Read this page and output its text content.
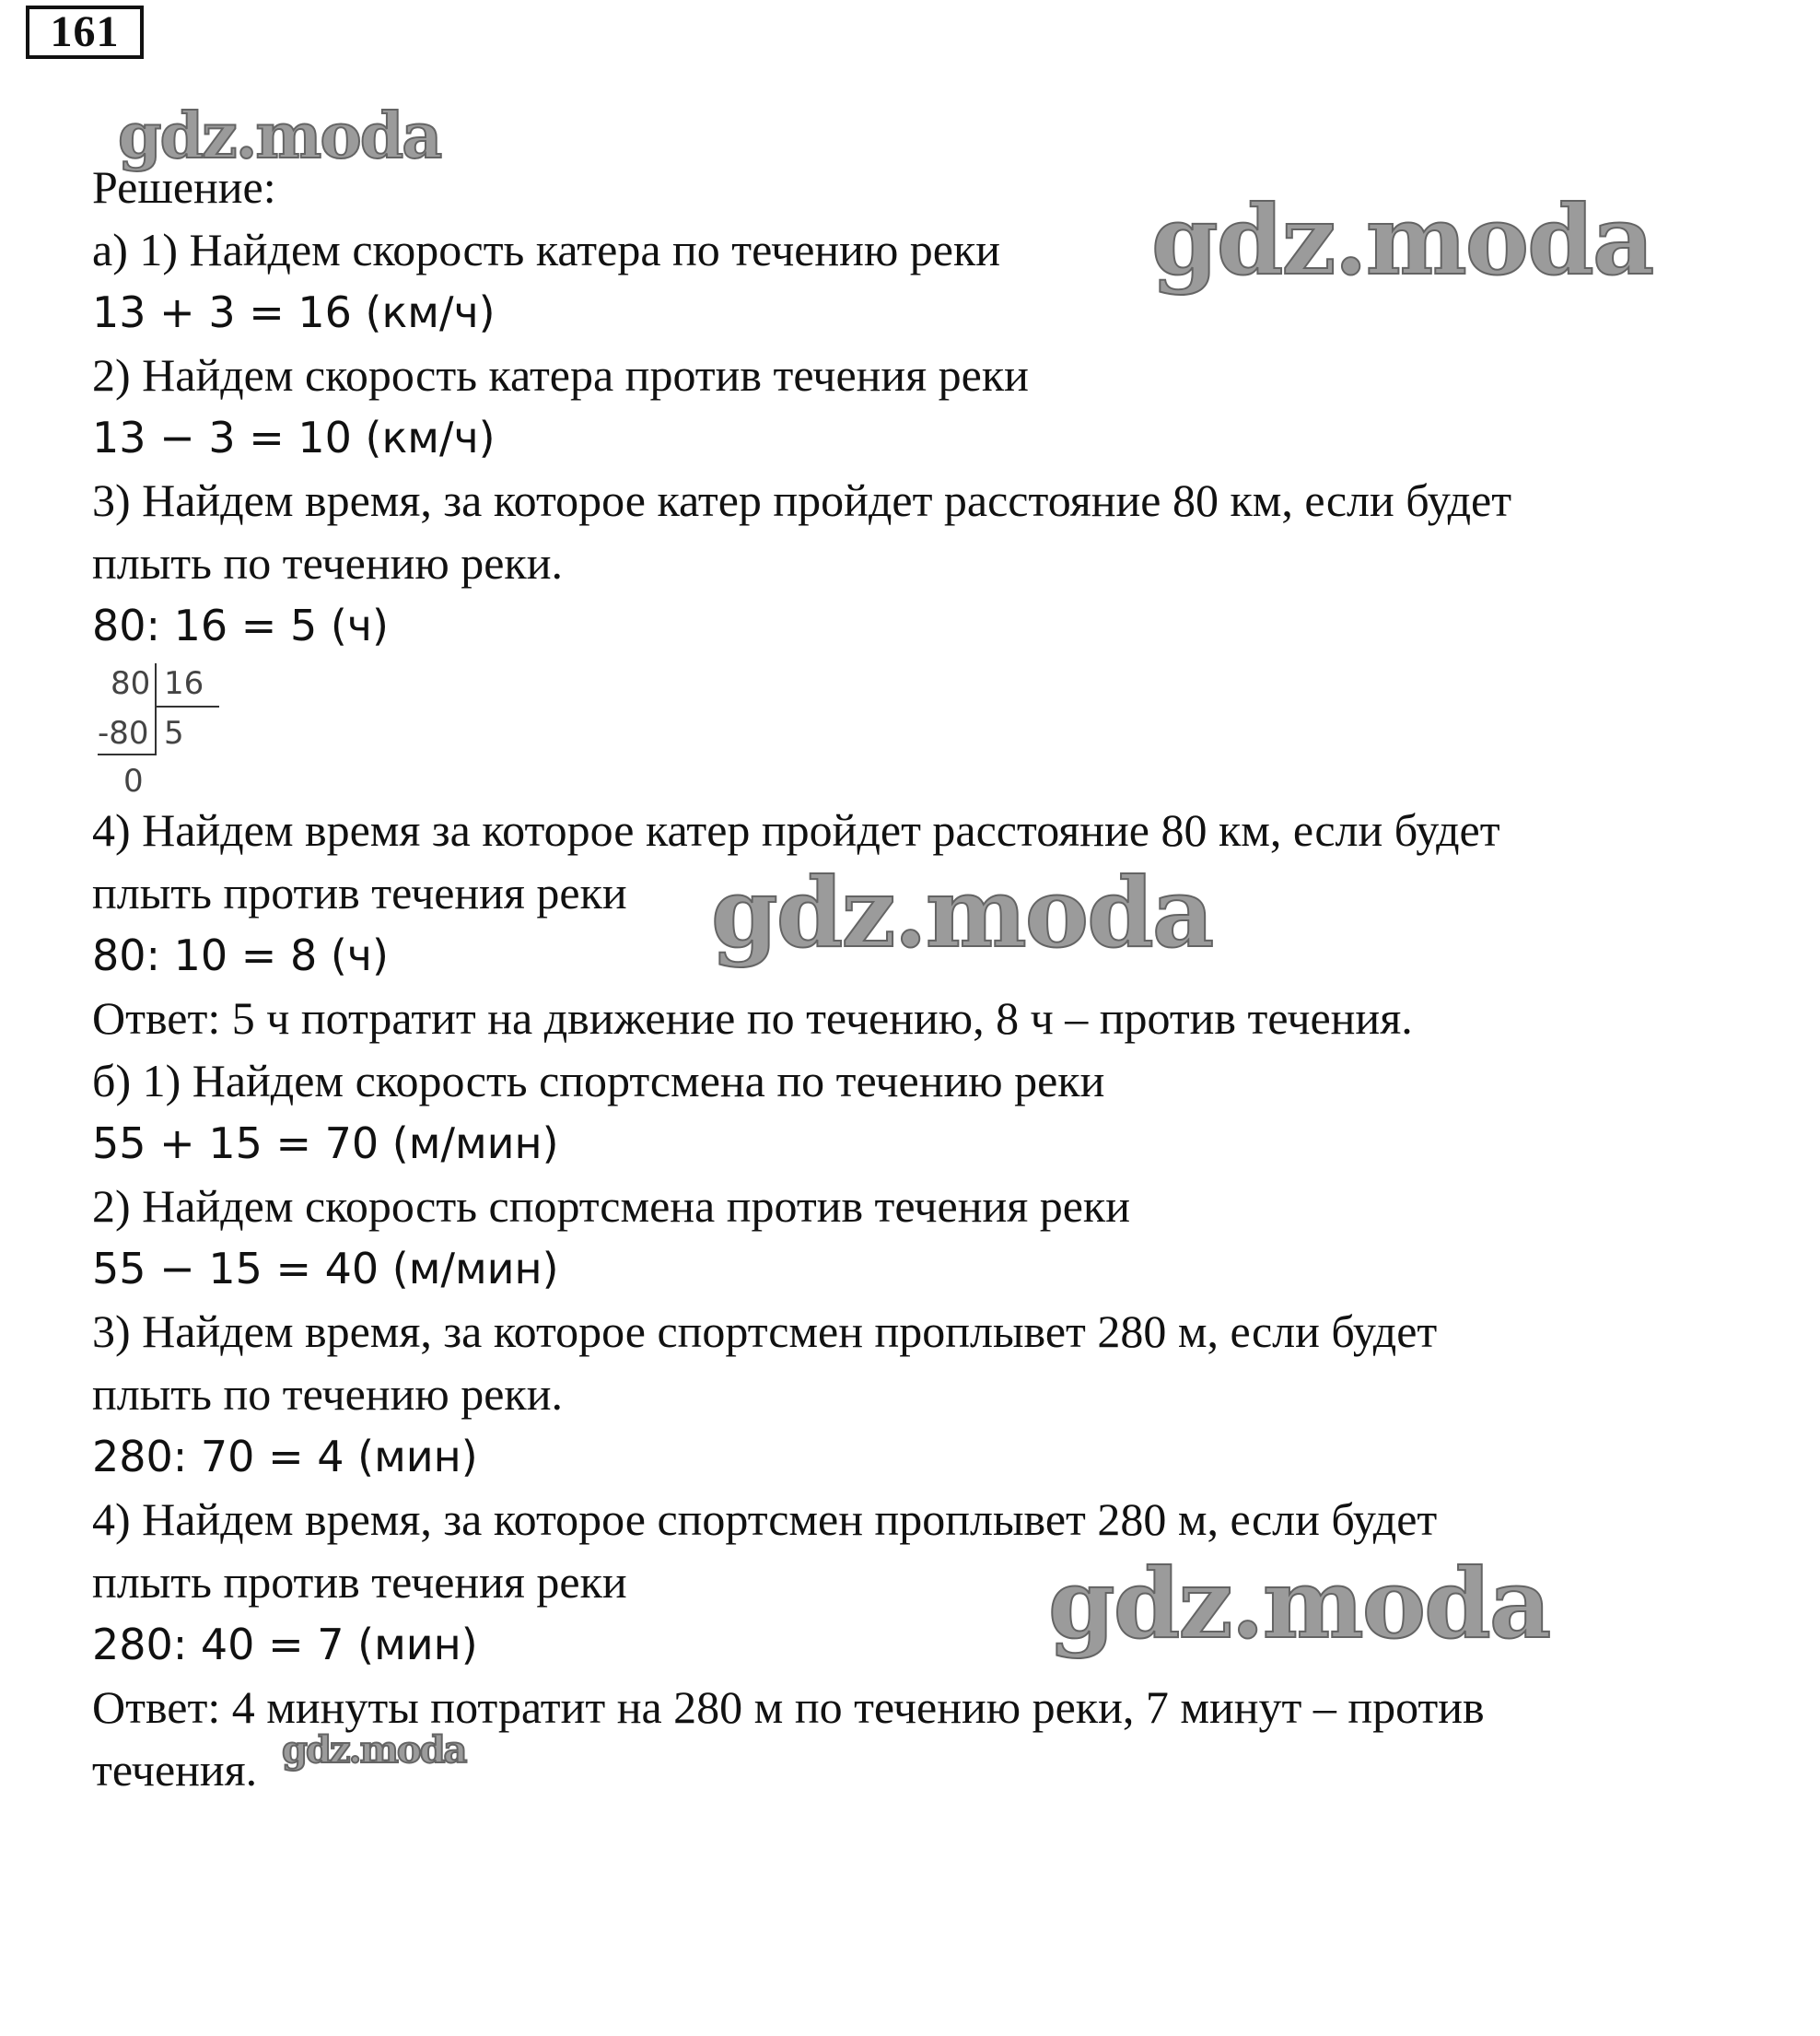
161
gdz.moda
Решение:
а) 1) Найдем скорость катера по течению реки
13 + 3 = 16 (км/ч)
2) Найдем скорость катера против течения реки
13 − 3 = 10 (км/ч)
3) Найдем время, за которое катер пройдет расстояние 80 км, если будет
плыть по течению реки.
80: 16 = 5 (ч)
80 16
-80 5
0
4) Найдем время за которое катер пройдет расстояние 80 км, если будет
плыть против течения реки
80: 10 = 8 (ч)
Ответ: 5 ч потратит на движение по течению, 8 ч – против течения.
б) 1) Найдем скорость спортсмена по течению реки
55 + 15 = 70 (м/мин)
2) Найдем скорость спортсмена против течения реки
55 − 15 = 40 (м/мин)
3) Найдем время, за которое спортсмен проплывет 280 м, если будет
плыть по течению реки.
280: 70 = 4 (мин)
4) Найдем время, за которое спортсмен проплывет 280 м, если будет
плыть против течения реки
280: 40 = 7 (мин)
Ответ: 4 минуты потратит на 280 м по течению реки, 7 минут – против
течения.
gdz.moda
gdz.moda
gdz.moda
gdz.moda
